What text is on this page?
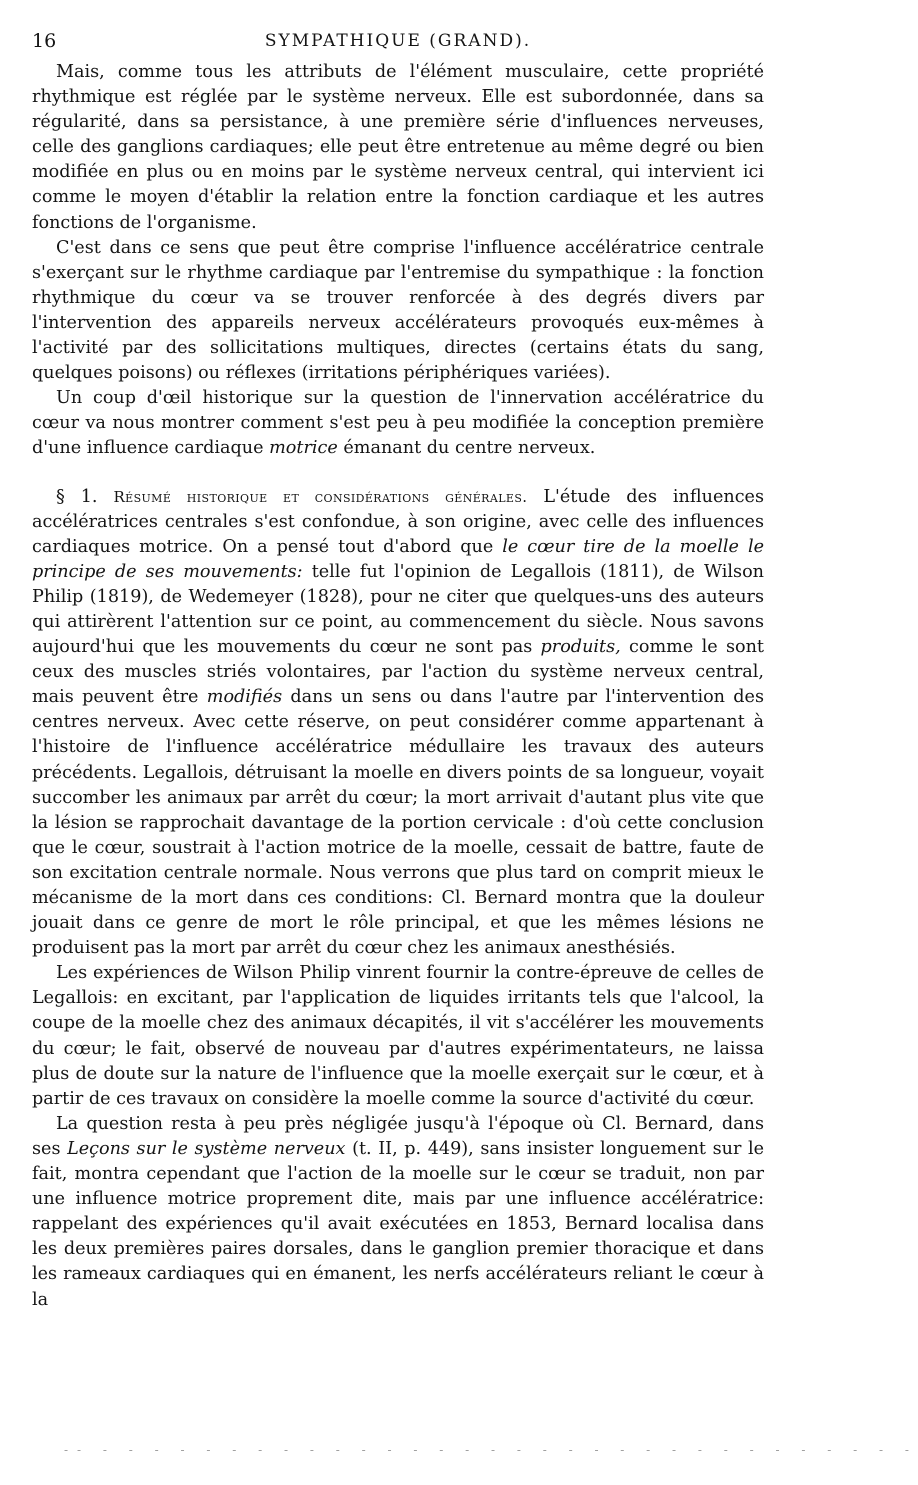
16	SYMPATHIQUE (GRAND).

Mais, comme tous les attributs de l'élément musculaire, cette propriété rhythmique est réglée par le système nerveux. Elle est subordonnée, dans sa régularité, dans sa persistance, à une première série d'influences nerveuses, celle des ganglions cardiaques; elle peut être entretenue au même degré ou bien modifiée en plus ou en moins par le système nerveux central, qui intervient ici comme le moyen d'établir la relation entre la fonction cardiaque et les autres fonctions de l'organisme.

C'est dans ce sens que peut être comprise l'influence accélératrice centrale s'exerçant sur le rhythme cardiaque par l'entremise du sympathique : la fonction rhythmique du cœur va se trouver renforcée à des degrés divers par l'intervention des appareils nerveux accélérateurs provoqués eux-mêmes à l'activité par des sollicitations multiques, directes (certains états du sang, quelques poisons) ou réflexes (irritations périphériques variées).

Un coup d'œil historique sur la question de l'innervation accélératrice du cœur va nous montrer comment s'est peu à peu modifiée la conception première d'une influence cardiaque motrice émanant du centre nerveux.

§ 1. Résumé historique et considérations générales. L'étude des influences accélératrices centrales s'est confondue, à son origine, avec celle des influences cardiaques motrice. On a pensé tout d'abord que le cœur tire de la moelle le principe de ses mouvements: telle fut l'opinion de Legallois (1811), de Wilson Philip (1819), de Wedemeyer (1828), pour ne citer que quelques-uns des auteurs qui attirèrent l'attention sur ce point, au commencement du siècle. Nous savons aujourd'hui que les mouvements du cœur ne sont pas produits, comme le sont ceux des muscles striés volontaires, par l'action du système nerveux central, mais peuvent être modifiés dans un sens ou dans l'autre par l'intervention des centres nerveux. Avec cette réserve, on peut considérer comme appartenant à l'histoire de l'influence accélératrice médullaire les travaux des auteurs précédents. Legallois, détruisant la moelle en divers points de sa longueur, voyait succomber les animaux par arrêt du cœur; la mort arrivait d'autant plus vite que la lésion se rapprochait davantage de la portion cervicale : d'où cette conclusion que le cœur, soustrait à l'action motrice de la moelle, cessait de battre, faute de son excitation centrale normale. Nous verrons que plus tard on comprit mieux le mécanisme de la mort dans ces conditions: Cl. Bernard montra que la douleur jouait dans ce genre de mort le rôle principal, et que les mêmes lésions ne produisent pas la mort par arrêt du cœur chez les animaux anesthésiés.

Les expériences de Wilson Philip vinrent fournir la contre-épreuve de celles de Legallois: en excitant, par l'application de liquides irritants tels que l'alcool, la coupe de la moelle chez des animaux décapités, il vit s'accélérer les mouvements du cœur; le fait, observé de nouveau par d'autres expérimentateurs, ne laissa plus de doute sur la nature de l'influence que la moelle exerçait sur le cœur, et à partir de ces travaux on considère la moelle comme la source d'activité du cœur.

La question resta à peu près négligée jusqu'à l'époque où Cl. Bernard, dans ses Leçons sur le système nerveux (t. II, p. 449), sans insister longuement sur le fait, montra cependant que l'action de la moelle sur le cœur se traduit, non par une influence motrice proprement dite, mais par une influence accélératrice: rappelant des expériences qu'il avait exécutées en 1853, Bernard localisa dans les deux premières paires dorsales, dans le ganglion premier thoracique et dans les rameaux cardiaques qui en émanent, les nerfs accélérateurs reliant le cœur à la

-- - - - - - - - - - - - - - - - - - - - - - - - - - - - - - - - -
